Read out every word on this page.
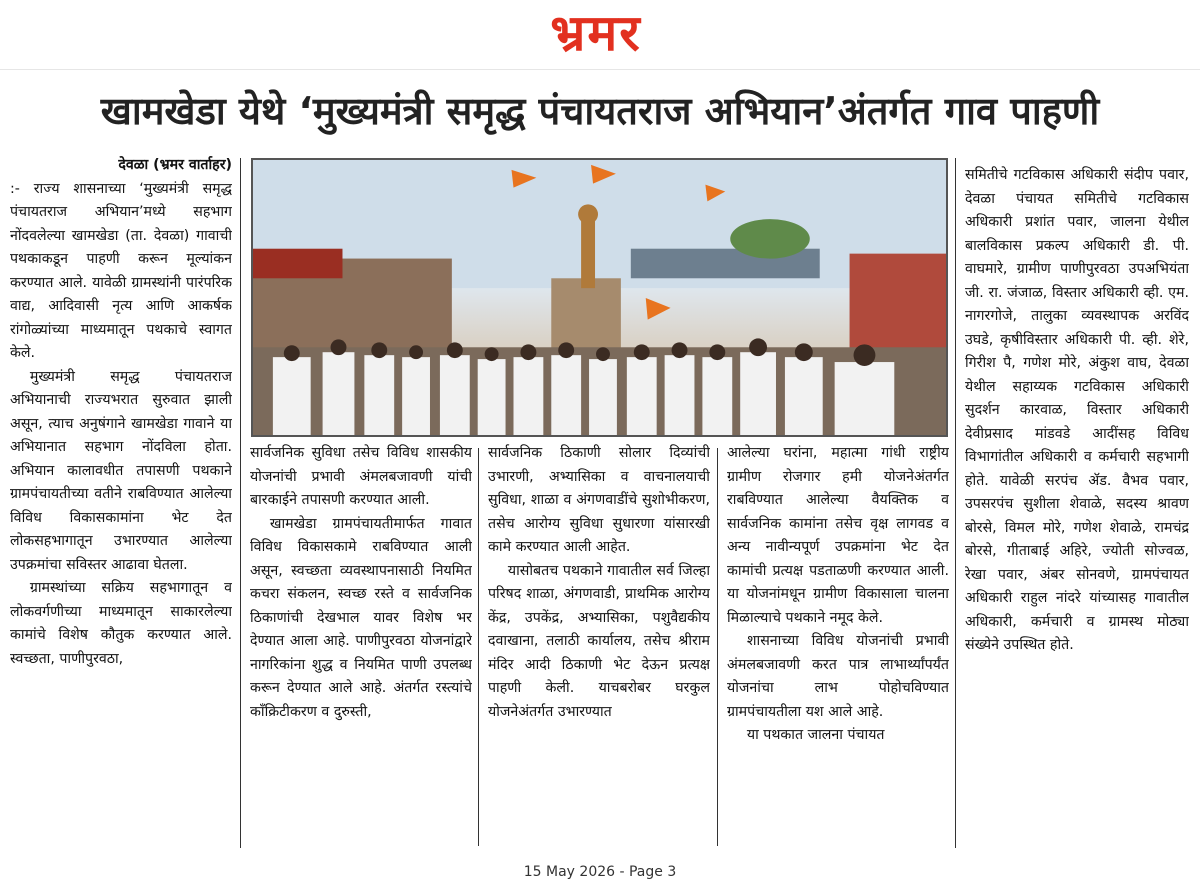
भ्रमर
खामखेडा येथे ‘मुख्यमंत्री समृद्ध पंचायतराज अभियान’अंतर्गत गाव पाहणी

देवळा (भ्रमर वार्ताहर)

:- राज्य शासनाच्या ‘मुख्यमंत्री समृद्ध पंचायतराज अभियान’मध्ये सहभाग नोंदवलेल्या खामखेडा (ता. देवळा) गावाची पथकाकडून पाहणी करून मूल्यांकन करण्यात आले. यावेळी ग्रामस्थांनी पारंपरिक वाद्य, आदिवासी नृत्य आणि आकर्षक रांगोळ्यांच्या माध्यमातून पथकाचे स्वागत केले.

मुख्यमंत्री समृद्ध पंचायतराज अभियानाची राज्यभरात सुरुवात झाली असून, त्याच अनुषंगाने खामखेडा गावाने या अभियानात सहभाग नोंदविला होता. अभियान कालावधीत तपासणी पथकाने ग्रामपंचायतीच्या वतीने राबविण्यात आलेल्या विविध विकासकामांना भेट देत लोकसहभागातून उभारण्यात आलेल्या उपक्रमांचा सविस्तर आढावा घेतला.

ग्रामस्थांच्या सक्रिय सहभागातून व लोकवर्गणीच्या माध्यमातून साकारलेल्या कामांचे विशेष कौतुक करण्यात आले. स्वच्छता, पाणीपुरवठा,

सार्वजनिक सुविधा तसेच विविध शासकीय योजनांची प्रभावी अंमलबजावणी यांची बारकाईने तपासणी करण्यात आली.

खामखेडा ग्रामपंचायतीमार्फत गावात विविध विकासकामे राबविण्यात आली असून, स्वच्छता व्यवस्थापनासाठी नियमित कचरा संकलन, स्वच्छ रस्ते व सार्वजनिक ठिकाणांची देखभाल यावर विशेष भर देण्यात आला आहे. पाणीपुरवठा योजनांद्वारे नागरिकांना शुद्ध व नियमित पाणी उपलब्ध करून देण्यात आले आहे. अंतर्गत रस्त्यांचे कॉंक्रिटीकरण व दुरुस्ती,

सार्वजनिक ठिकाणी सोलार दिव्यांची उभारणी, अभ्यासिका व वाचनालयाची सुविधा, शाळा व अंगणवाडींचे सुशोभीकरण, तसेच आरोग्य सुविधा सुधारणा यांसारखी कामे करण्यात आली आहेत.

यासोबतच पथकाने गावातील सर्व जिल्हा परिषद शाळा, अंगणवाडी, प्राथमिक आरोग्य केंद्र, उपकेंद्र, अभ्यासिका, पशुवैद्यकीय दवाखाना, तलाठी कार्यालय, तसेच श्रीराम मंदिर आदी ठिकाणी भेट देऊन प्रत्यक्ष पाहणी केली. याचबरोबर घरकुल योजनेअंतर्गत उभारण्यात

आलेल्या घरांना, महात्मा गांधी राष्ट्रीय ग्रामीण रोजगार हमी योजनेअंतर्गत राबविण्यात आलेल्या वैयक्तिक व सार्वजनिक कामांना तसेच वृक्ष लागवड व अन्य नावीन्यपूर्ण उपक्रमांना भेट देत कामांची प्रत्यक्ष पडताळणी करण्यात आली. या योजनांमधून ग्रामीण विकासाला चालना मिळाल्याचे पथकाने नमूद केले.

शासनाच्या विविध योजनांची प्रभावी अंमलबजावणी करत पात्र लाभार्थ्यांपर्यंत योजनांचा लाभ पोहोचविण्यात ग्रामपंचायतीला यश आले आहे.

या पथकात जालना पंचायत

समितीचे गटविकास अधिकारी संदीप पवार, देवळा पंचायत समितीचे गटविकास अधिकारी प्रशांत पवार, जालना येथील बालविकास प्रकल्प अधिकारी डी. पी. वाघमारे, ग्रामीण पाणीपुरवठा उपअभियंता जी. रा. जंजाळ, विस्तार अधिकारी व्ही. एम. नागरगोजे, तालुका व्यवस्थापक अरविंद उघडे, कृषीविस्तार अधिकारी पी. व्ही. शेरे, गिरीश पै, गणेश मोरे, अंकुश वाघ, देवळा येथील सहाय्यक गटविकास अधिकारी सुदर्शन कारवाळ, विस्तार अधिकारी देवीप्रसाद मांडवडे आदींसह विविध विभागांतील अधिकारी व कर्मचारी सहभागी होते. यावेळी सरपंच ॲड. वैभव पवार, उपसरपंच सुशीला शेवाळे, सदस्य श्रावण बोरसे, विमल मोरे, गणेश शेवाळे, रामचंद्र बोरसे, गीताबाई अहिरे, ज्योती सोज्वळ, रेखा पवार, अंबर सोनवणे, ग्रामपंचायत अधिकारी राहुल नांदरे यांच्यासह गावातील अधिकारी, कर्मचारी व ग्रामस्थ मोठ्या संख्येने उपस्थित होते.

15 May 2026 - Page 3
